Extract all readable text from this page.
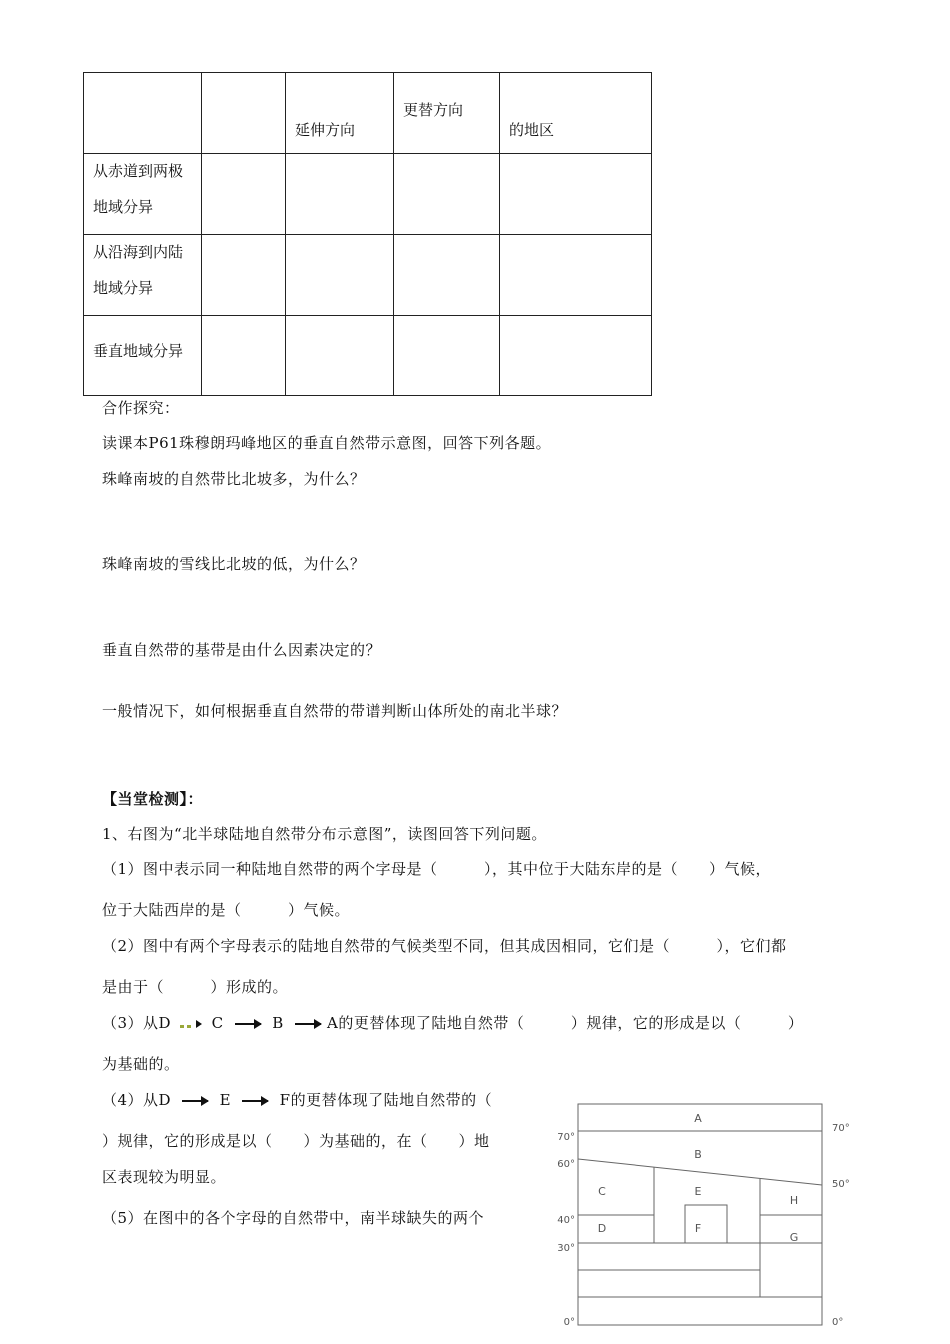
		延伸方向	更替方向	的地区

从赤道到两极
地域分异				

从沿海到内陆
地域分异				

垂直地域分异				

合作探究：
读课本P61珠穆朗玛峰地区的垂直自然带示意图，回答下列各题。
珠峰南坡的自然带比北坡多，为什么？
珠峰南坡的雪线比北坡的低，为什么？
垂直自然带的基带是由什么因素决定的？
一般情况下，如何根据垂直自然带的带谱判断山体所处的南北半球？
【当堂检测】：
1、右图为“北半球陆地自然带分布示意图”，读图回答下列问题。
（1）图中表示同一种陆地自然带的两个字母是（　　　），其中位于大陆东岸的是（　　）气候，
位于大陆西岸的是（　　　）气候。
（2）图中有两个字母表示的陆地自然带的气候类型不同，但其成因相同，它们是（　　　），它们都
是由于（　　　）形成的。
（3）从D	C	B	A的更替体现了陆地自然带（　　　）规律，它的形成是以（　　　）
为基础的。
（4）从D	E	F的更替体现了陆地自然带的（
）规律，它的形成是以（　　）为基础的，在（　　）地
区表现较为明显。
（5）在图中的各个字母的自然带中，南半球缺失的两个
A
B
C
D
E
F
G
H
70°
60°
40°
30°
0°
70°
50°
0°
